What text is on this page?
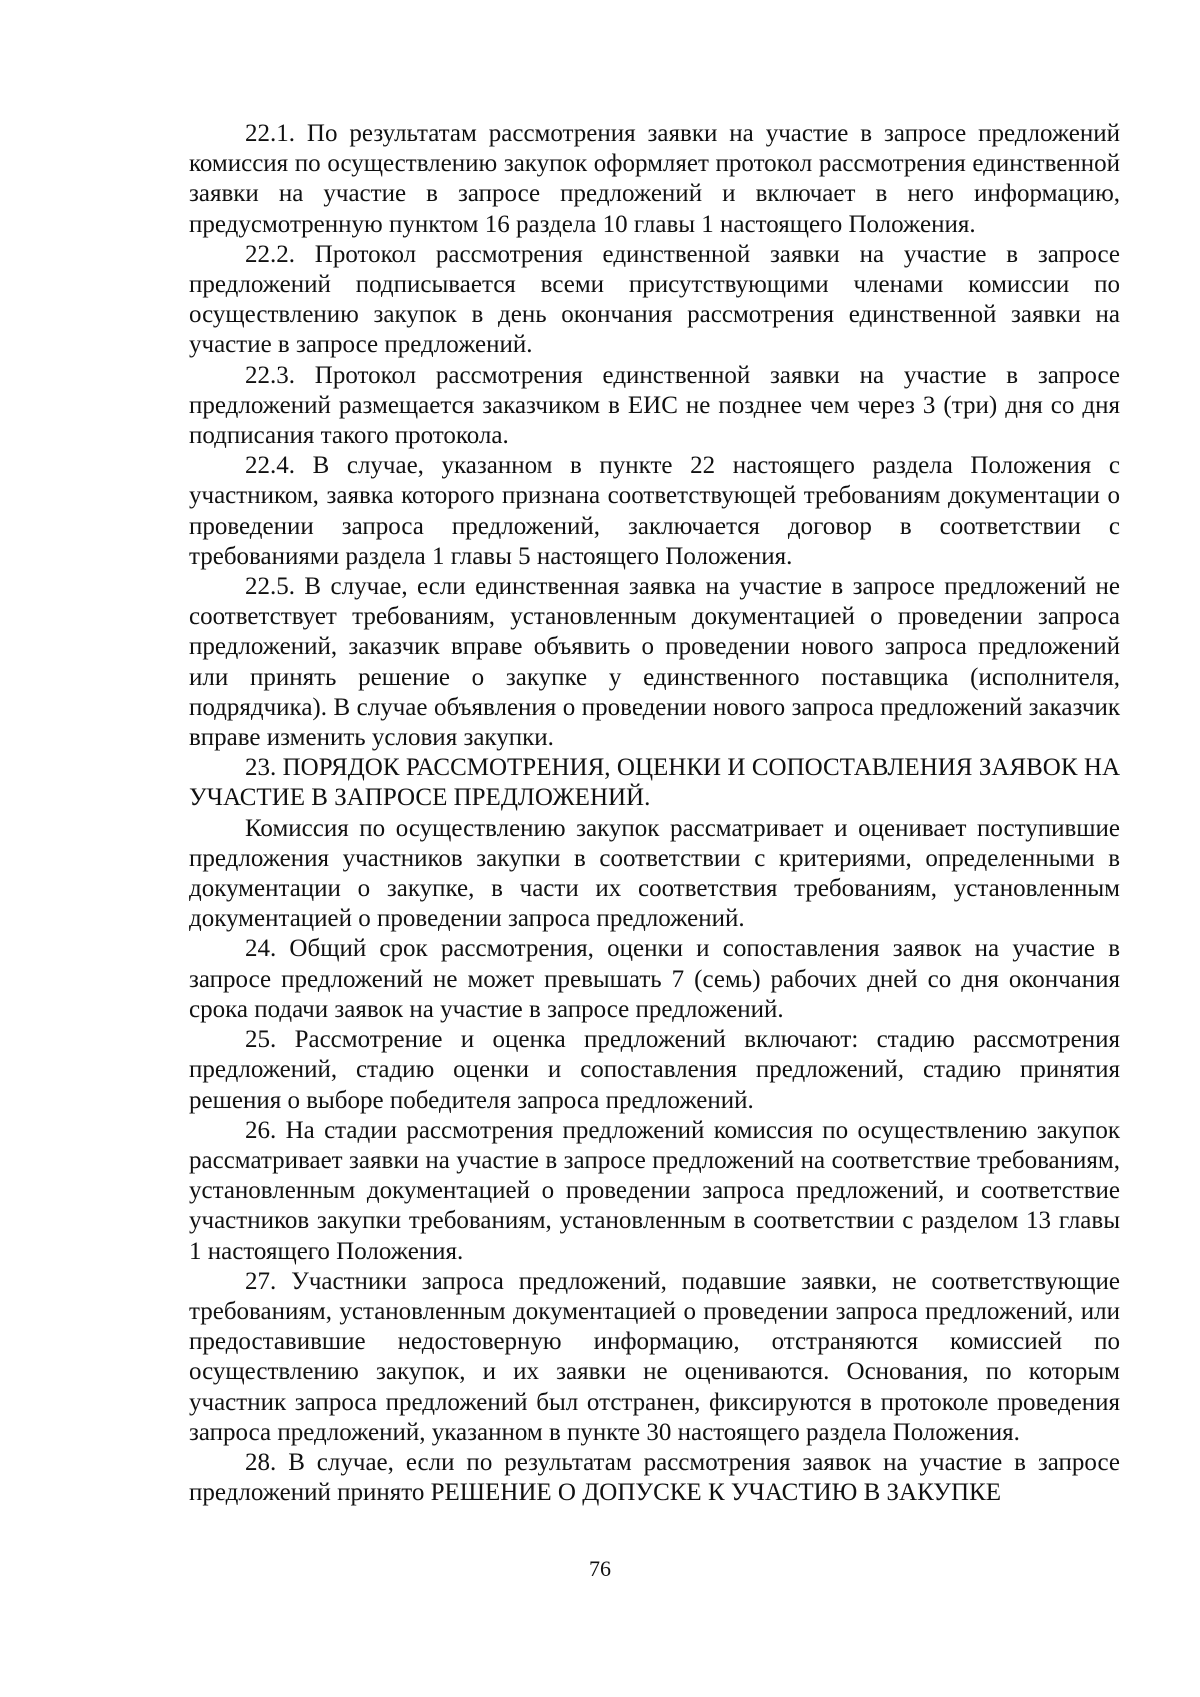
22.1. По результатам рассмотрения заявки на участие в запросе предложений комиссия по осуществлению закупок оформляет протокол рассмотрения единственной заявки на участие в запросе предложений и включает в него информацию, предусмотренную пунктом 16 раздела 10 главы 1 настоящего Положения.

22.2. Протокол рассмотрения единственной заявки на участие в запросе предложений подписывается всеми присутствующими членами комиссии по осуществлению закупок в день окончания рассмотрения единственной заявки на участие в запросе предложений.

22.3. Протокол рассмотрения единственной заявки на участие в запросе предложений размещается заказчиком в ЕИС не позднее чем через 3 (три) дня со дня подписания такого протокола.

22.4. В случае, указанном в пункте 22 настоящего раздела Положения с участником, заявка которого признана соответствующей требованиям документации о проведении запроса предложений, заключается договор в соответствии с требованиями раздела 1 главы 5 настоящего Положения.

22.5. В случае, если единственная заявка на участие в запросе предложений не соответствует требованиям, установленным документацией о проведении запроса предложений, заказчик вправе объявить о проведении нового запроса предложений или принять решение о закупке у единственного поставщика (исполнителя, подрядчика). В случае объявления о проведении нового запроса предложений заказчик вправе изменить условия закупки.

23. ПОРЯДОК РАССМОТРЕНИЯ, ОЦЕНКИ И СОПОСТАВЛЕНИЯ ЗАЯВОК НА УЧАСТИЕ В ЗАПРОСЕ ПРЕДЛОЖЕНИЙ.

Комиссия по осуществлению закупок рассматривает и оценивает поступившие предложения участников закупки в соответствии с критериями, определенными в документации о закупке, в части их соответствия требованиям, установленным документацией о проведении запроса предложений.

24. Общий срок рассмотрения, оценки и сопоставления заявок на участие в запросе предложений не может превышать 7 (семь) рабочих дней со дня окончания срока подачи заявок на участие в запросе предложений.

25. Рассмотрение и оценка предложений включают: стадию рассмотрения предложений, стадию оценки и сопоставления предложений, стадию принятия решения о выборе победителя запроса предложений.

26. На стадии рассмотрения предложений комиссия по осуществлению закупок рассматривает заявки на участие в запросе предложений на соответствие требованиям, установленным документацией о проведении запроса предложений, и соответствие участников закупки требованиям, установленным в соответствии с разделом 13 главы 1 настоящего Положения.

27. Участники запроса предложений, подавшие заявки, не соответствующие требованиям, установленным документацией о проведении запроса предложений, или предоставившие недостоверную информацию, отстраняются комиссией по осуществлению закупок, и их заявки не оцениваются. Основания, по которым участник запроса предложений был отстранен, фиксируются в протоколе проведения запроса предложений, указанном в пункте 30 настоящего раздела Положения.

28. В случае, если по результатам рассмотрения заявок на участие в запросе предложений принято РЕШЕНИЕ О ДОПУСКЕ К УЧАСТИЮ В ЗАКУПКЕ

76
